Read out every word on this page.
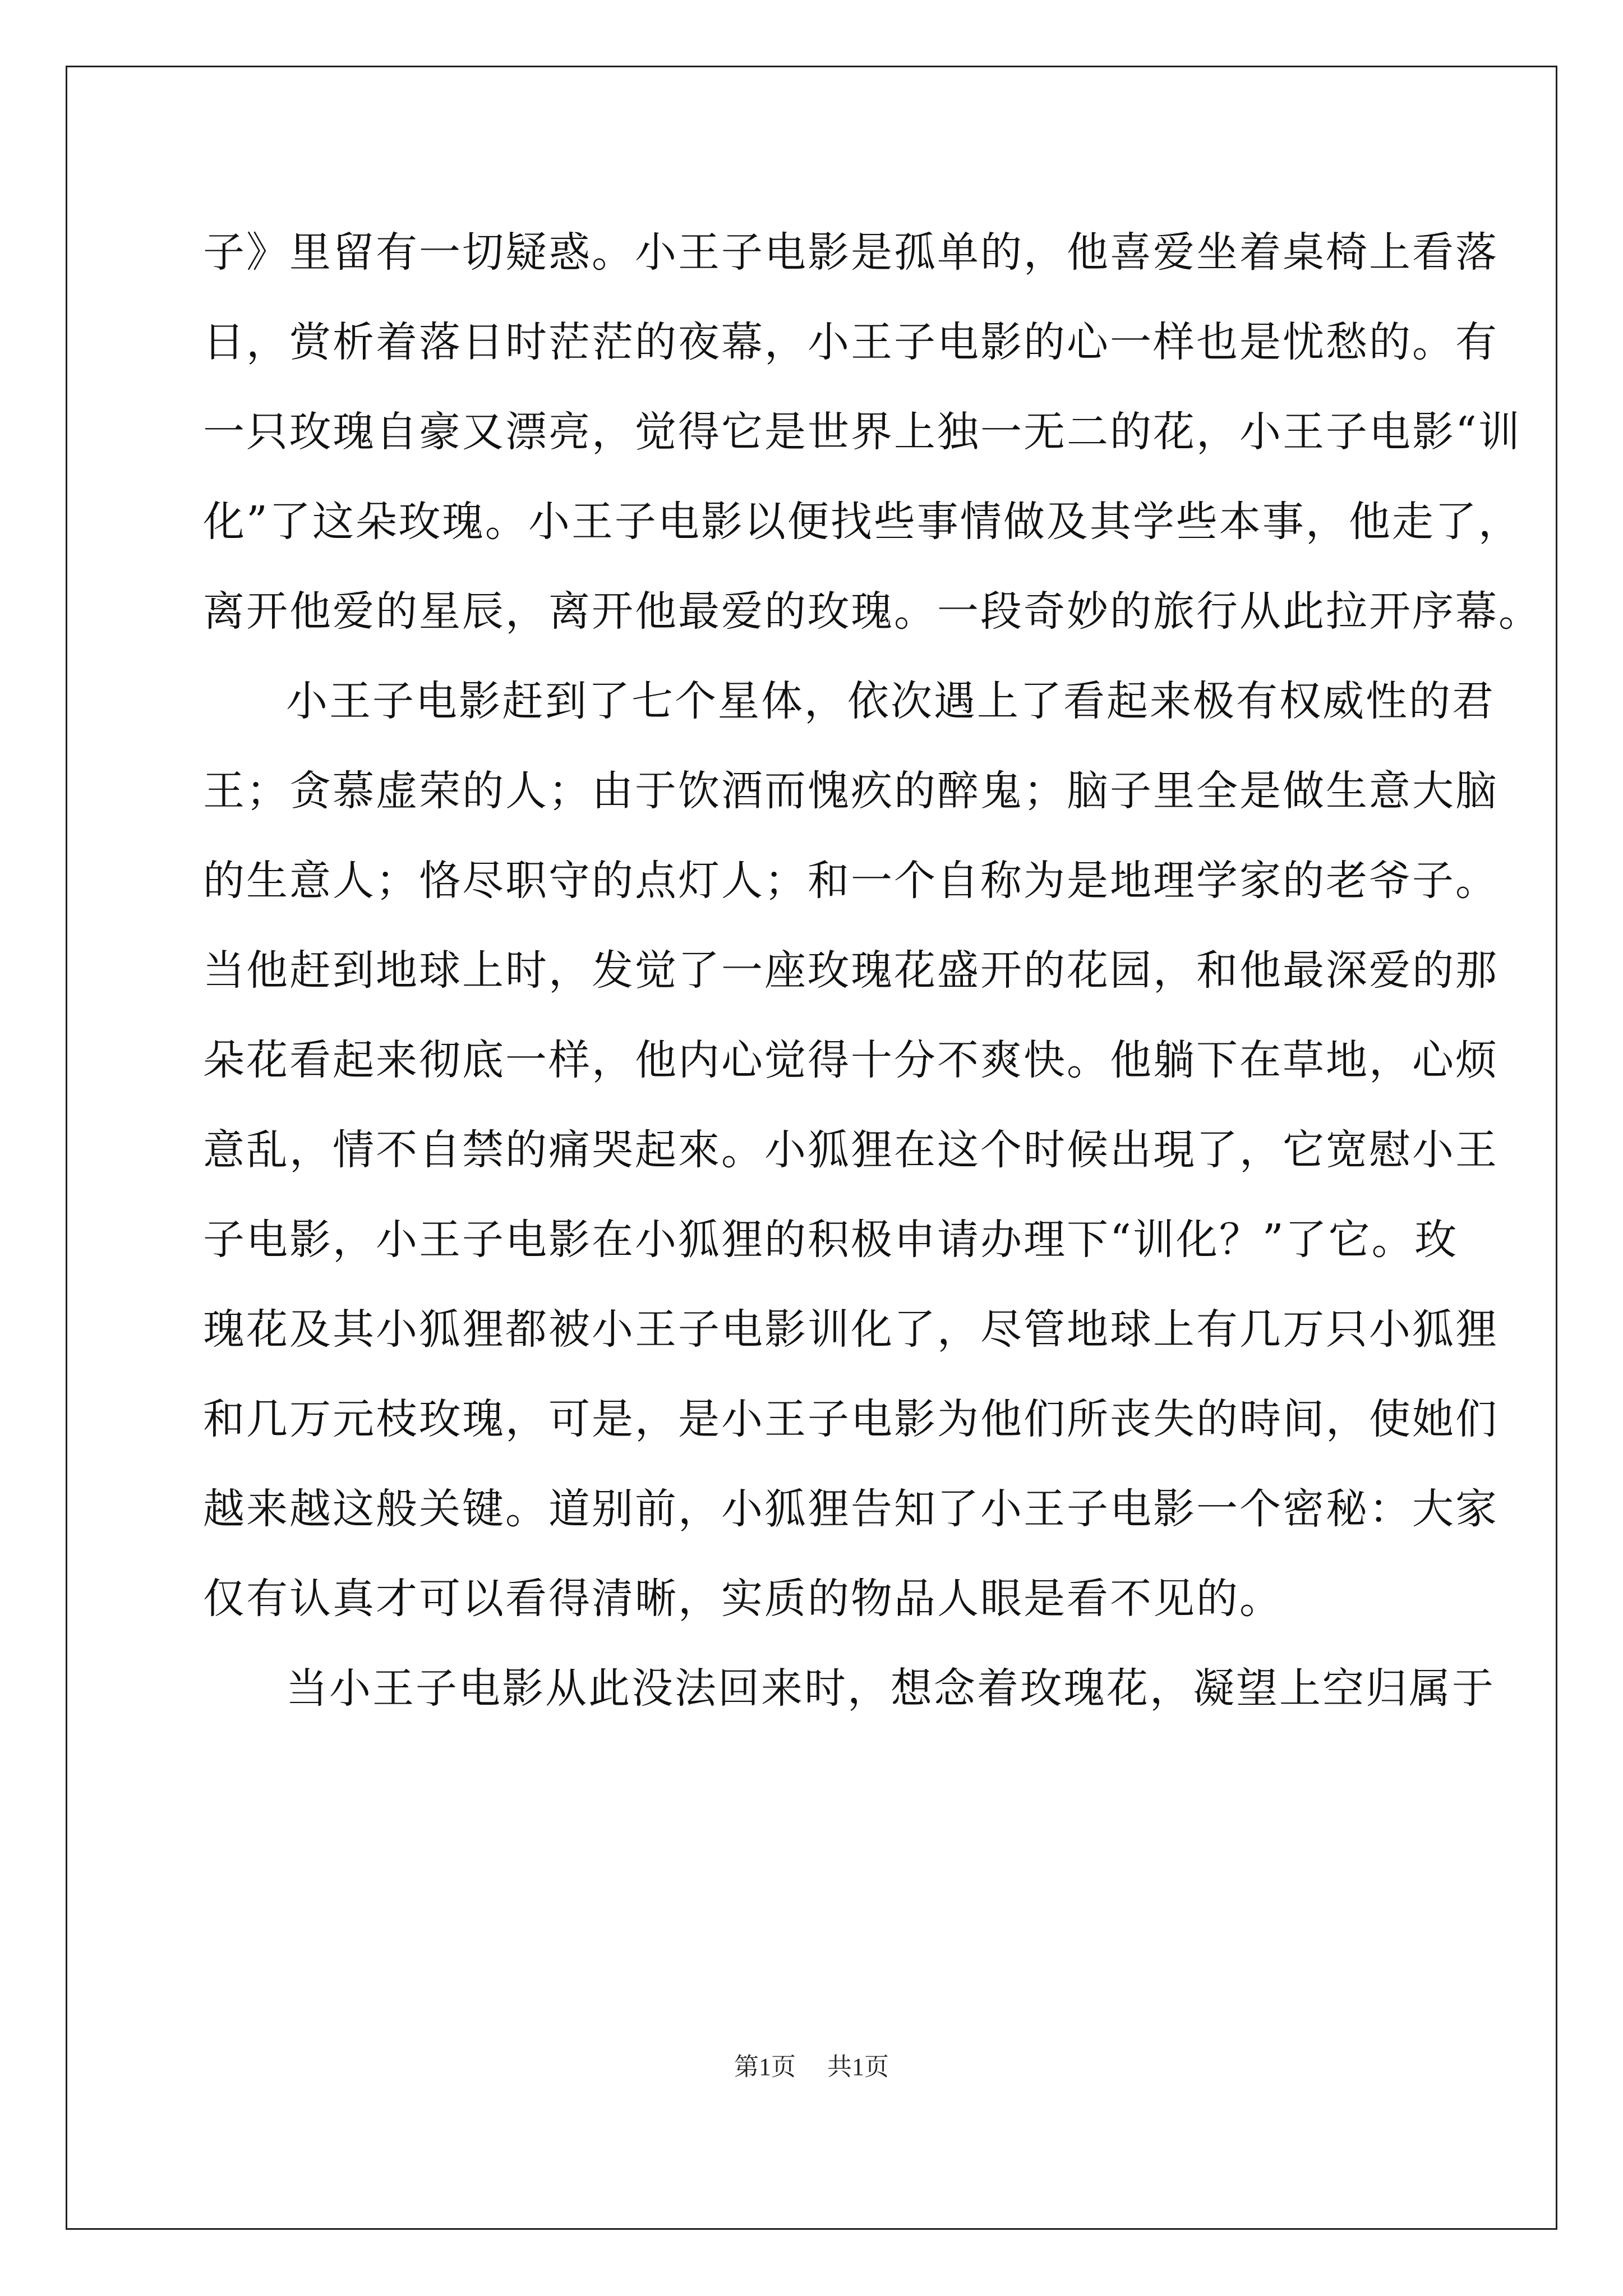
子》里留有一切疑惑。小王子电影是孤单的，他喜爱坐着桌椅上看落
日，赏析着落日时茫茫的夜幕，小王子电影的心一样也是忧愁的。有
一只玫瑰自豪又漂亮，觉得它是世界上独一无二的花，小王子电影“训
化”了这朵玫瑰。小王子电影以便找些事情做及其学些本事，他走了，
离开他爱的星辰，离开他最爱的玫瑰。一段奇妙的旅行从此拉开序幕。
小王子电影赶到了七个星体，依次遇上了看起来极有权威性的君
王；贪慕虚荣的人；由于饮酒而愧疚的醉鬼；脑子里全是做生意大脑
的生意人；恪尽职守的点灯人；和一个自称为是地理学家的老爷子。
当他赶到地球上时，发觉了一座玫瑰花盛开的花园，和他最深爱的那
朵花看起来彻底一样，他内心觉得十分不爽快。他躺下在草地，心烦
意乱，情不自禁的痛哭起來。小狐狸在这个时候出現了，它宽慰小王
子电影，小王子电影在小狐狸的积极申请办理下“训化？”了它。玫
瑰花及其小狐狸都被小王子电影训化了，尽管地球上有几万只小狐狸
和几万元枝玫瑰，可是，是小王子电影为他们所丧失的時间，使她们
越来越这般关键。道别前，小狐狸告知了小王子电影一个密秘：大家
仅有认真才可以看得清晰，实质的物品人眼是看不见的。
当小王子电影从此没法回来时，想念着玫瑰花，凝望上空归属于
第1页 共1页
